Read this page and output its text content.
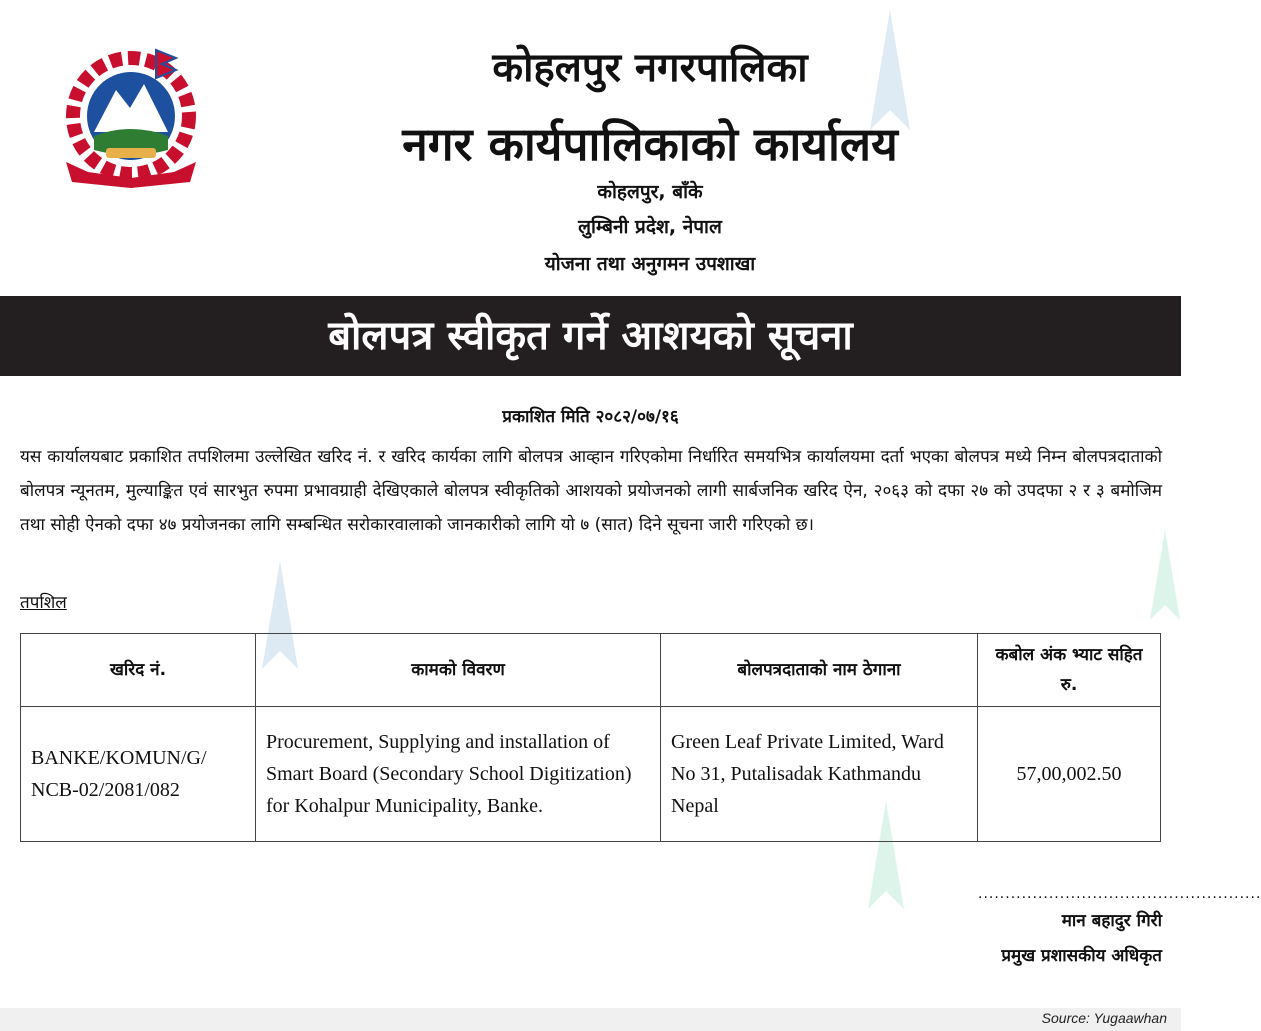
कोहलपुर नगरपालिका
नगर कार्यपालिकाको कार्यालय
कोहलपुर, बाँके
लुम्बिनी प्रदेश, नेपाल
योजना तथा अनुगमन उपशाखा
बोलपत्र स्वीकृत गर्ने आशयको सूचना
प्रकाशित मिति २०८२/०७/१६
यस कार्यालयबाट प्रकाशित तपशिलमा उल्लेखित खरिद नं. र खरिद कार्यका लागि बोलपत्र आव्हान गरिएकोमा निर्धारित समयभित्र कार्यालयमा दर्ता भएका बोलपत्र मध्ये निम्न बोलपत्रदाताको बोलपत्र न्यूनतम, मुल्याङ्कित एवं सारभुत रुपमा प्रभावग्राही देखिएकाले बोलपत्र स्वीकृतिको आशयको प्रयोजनको लागी सार्बजनिक खरिद ऐन, २०६३ को दफा २७ को उपदफा २ र ३ बमोजिम तथा सोही ऐनको दफा ४७ प्रयोजनका लागि सम्बन्धित सरोकारवालाको जानकारीको लागि यो ७ (सात) दिने सूचना जारी गरिएको छ।
तपशिल
खरिद नं.	कामको विवरण	बोलपत्रदाताको नाम ठेगाना	कबोल अंक भ्याट सहित रु.
BANKE/KOMUN/G/ NCB-02/2081/082	Procurement, Supplying and installation of Smart Board (Secondary School Digitization) for Kohalpur Municipality, Banke.	Green Leaf Private Limited, Ward No 31, Putalisadak Kathmandu Nepal	57,00,002.50
....................................................
मान बहादुर गिरी
प्रमुख प्रशासकीय अधिकृत
Source: Yugaawhan
